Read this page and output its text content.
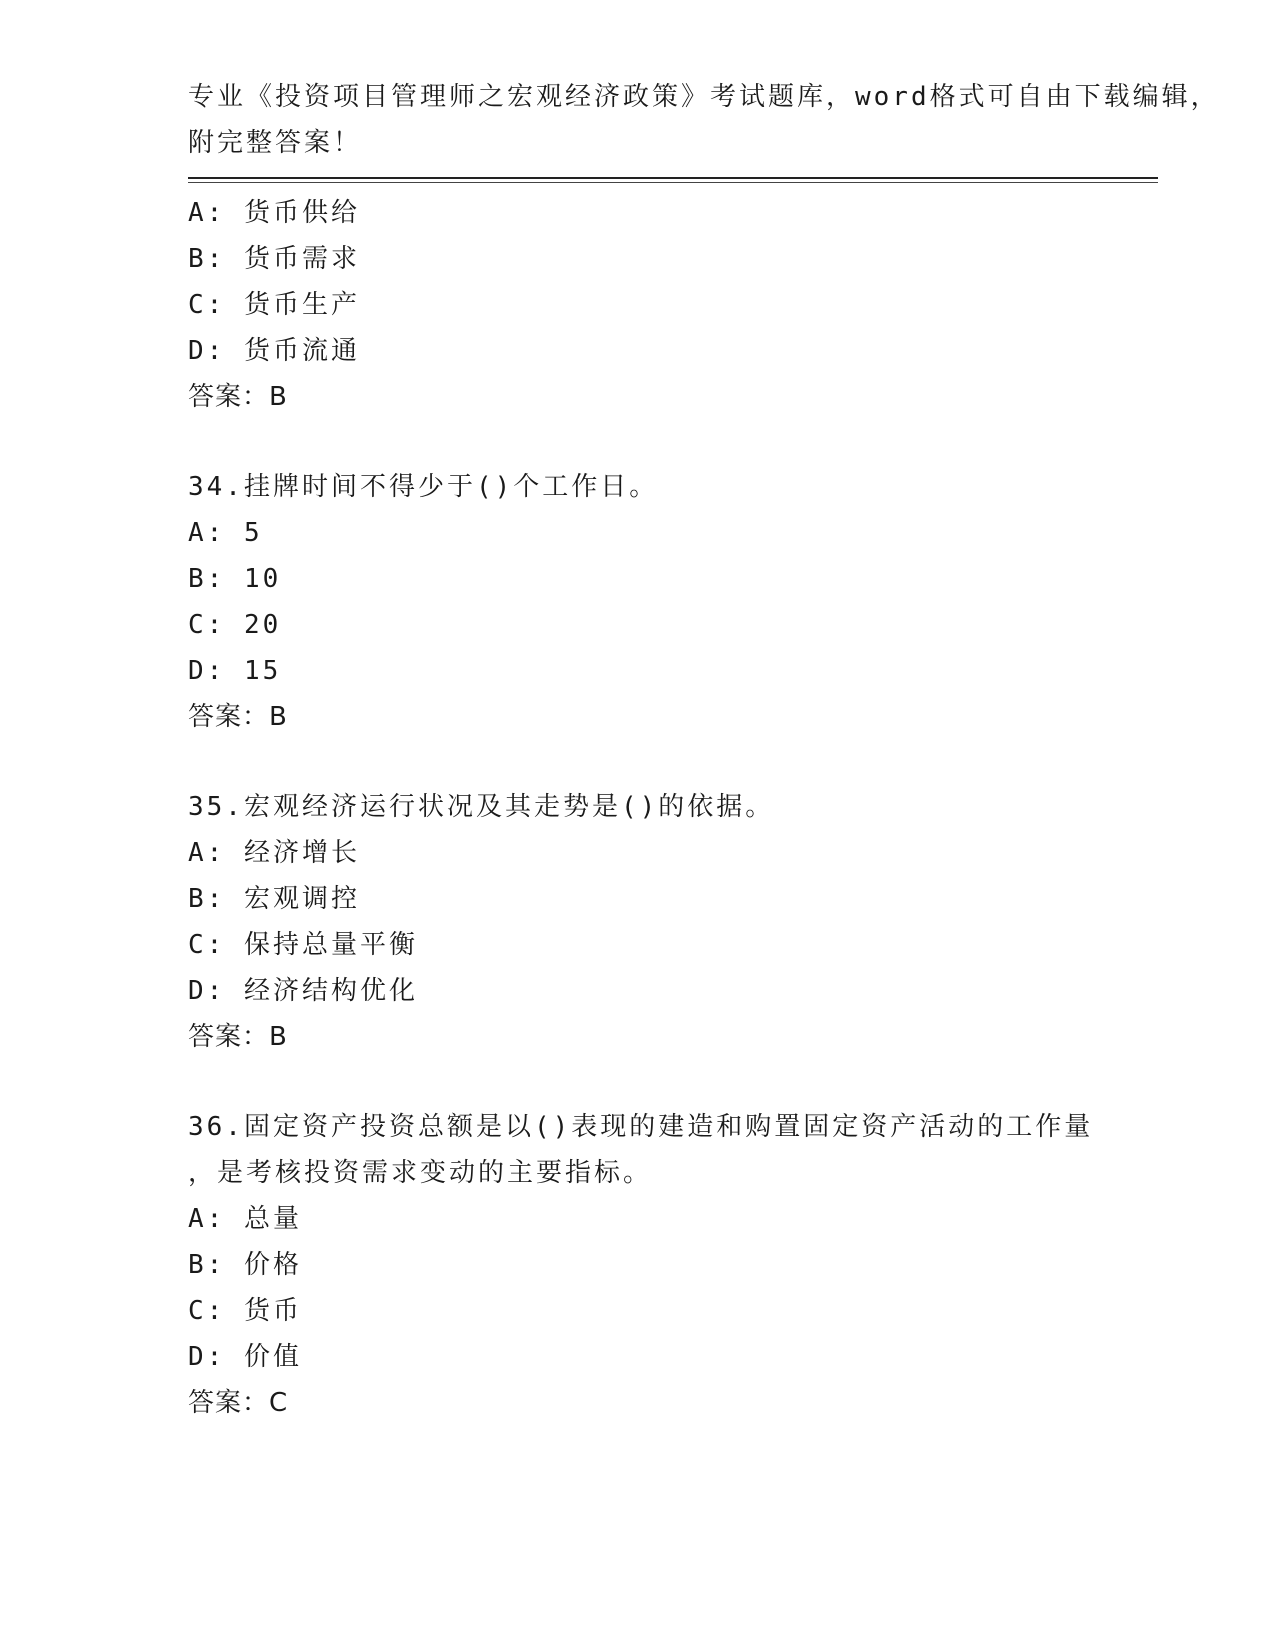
专业《投资项目管理师之宏观经济政策》考试题库，word格式可自由下载编辑，
附完整答案！
A: 货币供给
B: 货币需求
C: 货币生产
D: 货币流通
答案：B
34.挂牌时间不得少于()个工作日。
A: 5
B: 10
C: 20
D: 15
答案：B
35.宏观经济运行状况及其走势是()的依据。
A: 经济增长
B: 宏观调控
C: 保持总量平衡
D: 经济结构优化
答案：B
36.固定资产投资总额是以()表现的建造和购置固定资产活动的工作量
，是考核投资需求变动的主要指标。
A: 总量
B: 价格
C: 货币
D: 价值
答案：C
